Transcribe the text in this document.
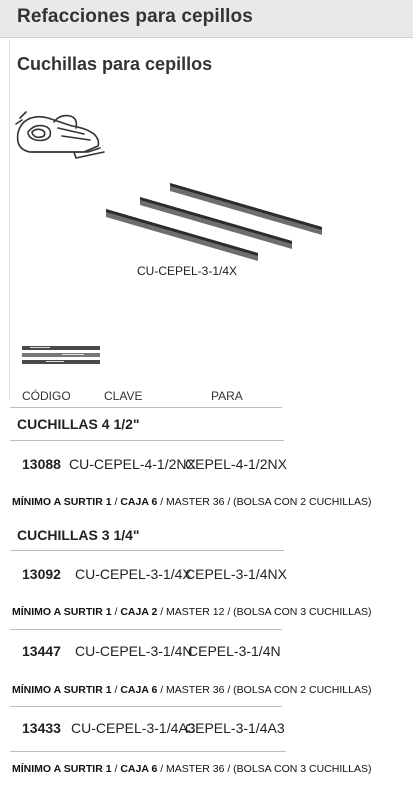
Refacciones para cepillos
Cuchillas para cepillos
CU-CEPEL-3-1/4X
CÓDIGO	CLAVE	PARA
CUCHILLAS 4 1/2"
13088 CU-CEPEL-4-1/2NX
CEPEL-4-1/2NX
MÍNIMO A SURTIR 1 / CAJA 6 / MASTER 36 / (BOLSA CON 2 CUCHILLAS)
CUCHILLAS 3 1/4"
13092 CU-CEPEL-3-1/4X
CEPEL-3-1/4NX
MÍNIMO A SURTIR 1 / CAJA 2 / MASTER 12 / (BOLSA CON 3 CUCHILLAS)
13447 CU-CEPEL-3-1/4N
CEPEL-3-1/4N
MÍNIMO A SURTIR 1 / CAJA 6 / MASTER 36 / (BOLSA CON 2 CUCHILLAS)
13433 CU-CEPEL-3-1/4A3
CEPEL-3-1/4A3
MÍNIMO A SURTIR 1 / CAJA 6 / MASTER 36 / (BOLSA CON 3 CUCHILLAS)
